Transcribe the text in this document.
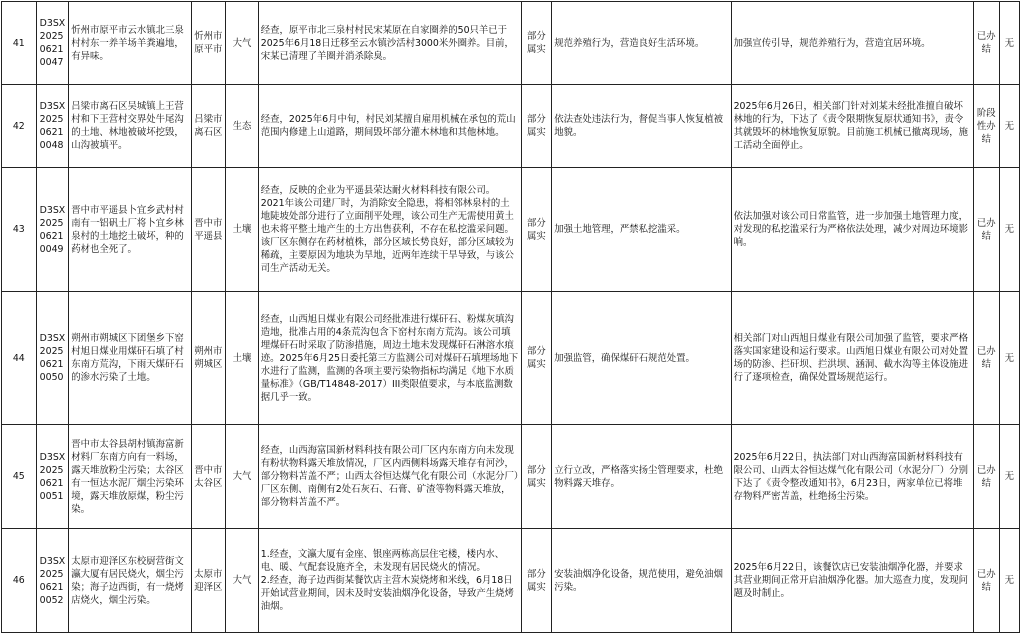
41	D3SX202506210047	忻州市原平市云水镇北三泉村村东一养羊场羊粪遍地，有异味。	忻州市原平市	大气	经查，原平市北三泉村村民宋某原在自家圈养的50只羊已于2025年6月18日迁移至云水镇沙活村3000米外圈养。目前，宋某已清理了羊圈并消杀除臭。	部分属实	规范养殖行为，营造良好生活环境。	加强宣传引导，规范养殖行为，营造宜居环境。	已办结	无
42	D3SX202506210048	吕梁市离石区吴城镇上王营村和下王营村交界处牛尾沟的土地、林地被破坏挖毁，山沟被填平。	吕梁市离石区	生态	经查，2025年6月中旬，村民刘某擅自雇用机械在承包的荒山范围内修建上山道路，期间毁坏部分灌木林地和其他林地。	部分属实	依法查处违法行为，督促当事人恢复植被地貌。	2025年6月26日，相关部门针对刘某未经批准擅自破坏林地的行为，下达了《责令限期恢复原状通知书》，责令其就毁坏的林地恢复原貌。目前施工机械已撤离现场，施工活动全面停止。	阶段性办结	无
43	D3SX202506210049	晋中市平遥县卜宜乡武村村南有一铝矾土厂将卜宜乡林泉村的土地挖土破坏，种的药材也全死了。	晋中市平遥县	土壤	经查，反映的企业为平遥县荣达耐火材料科技有限公司。2021年该公司建厂时，为消除安全隐患，将相邻林泉村的土地陡坡处部分进行了立面削平处理，该公司生产无需使用黄土也未将平整土地产生的土方出售获利，不存在私挖滥采问题。该厂区东侧存在药材植株，部分区域长势良好，部分区域较为稀疏，主要原因为地块为旱地，近两年连续干旱导致，与该公司生产活动无关。	部分属实	加强土地管理，严禁私挖滥采。	依法加强对该公司日常监管，进一步加强土地管理力度，对发现的私挖滥采行为严格依法处理，减少对周边环境影响。	已办结	无
44	D3SX202506210050	朔州市朔城区下团堡乡下窑村旭日煤业用煤矸石填了村东南方荒沟，下雨天煤矸石的渗水污染了土地。	朔州市朔城区	土壤	经查，山西旭日煤业有限公司经批准进行煤矸石、粉煤灰填沟造地，批准占用的4条荒沟包含下窑村东南方荒沟。该公司填埋煤矸石时采取了防渗措施，周边土地未发现煤矸石淋溶水痕迹。2025年6月25日委托第三方监测公司对煤矸石填埋场地下水进行了监测，监测的各项主要污染物指标均满足《地下水质量标准》（GB/T14848-2017）III类限值要求，与本底监测数据几乎一致。	部分属实	加强监管，确保煤矸石规范处置。	相关部门对山西旭日煤业有限公司加强了监管，要求严格落实国家建设和运行要求。山西旭日煤业有限公司对处置场的防渗、拦矸坝、拦洪坝、涵洞、截水沟等主体设施进行了逐项检查，确保处置场规范运行。	已办结	无
45	D3SX202506210051	晋中市太谷县胡村镇海富新材料厂东南方向有一料场，露天堆放粉尘污染；太谷区有一恒达水泥厂烟尘污染环境，露天堆放原煤，粉尘污染。	晋中市太谷区	大气	经查，山西海富国新材料科技有限公司厂区内东南方向未发现有粉状物料露天堆放情况，厂区内西侧料场露天堆存有河沙，部分物料苫盖不严；山西太谷恒达煤气化有限公司（水泥分厂）厂区东侧、南侧有2处石灰石、石膏、矿渣等物料露天堆放，部分物料苫盖不严。	部分属实	立行立改，严格落实扬尘管理要求，杜绝物料露天堆存。	2025年6月22日，执法部门对山西海富国新材料科技有限公司、山西太谷恒达煤气化有限公司（水泥分厂）分别下达了《责令整改通知书》，6月23日，两家单位已将堆存物料严密苫盖，杜绝扬尘污染。	已办结	无
46	D3SX202506210052	太原市迎泽区东校厨营街文瀛大厦有居民烧火，烟尘污染；海子边西街，有一烧烤店烧火，烟尘污染。	太原市迎泽区	大气	1.经查，文瀛大厦有金座、银座两栋高层住宅楼，楼内水、电、暖、气配套设施齐全，未发现有居民烧火的情况。
2.经查，海子边西街某餐饮店主营木炭烧烤和米线，6月18日开始试营业期间，因未及时安装油烟净化设备，导致产生烧烤油烟。	部分属实	安装油烟净化设备，规范使用，避免油烟污染。	2025年6月22日，该餐饮店已安装油烟净化器，并要求其营业期间正常开启油烟净化器。加大巡查力度，发现问题及时制止。	已办结	无
